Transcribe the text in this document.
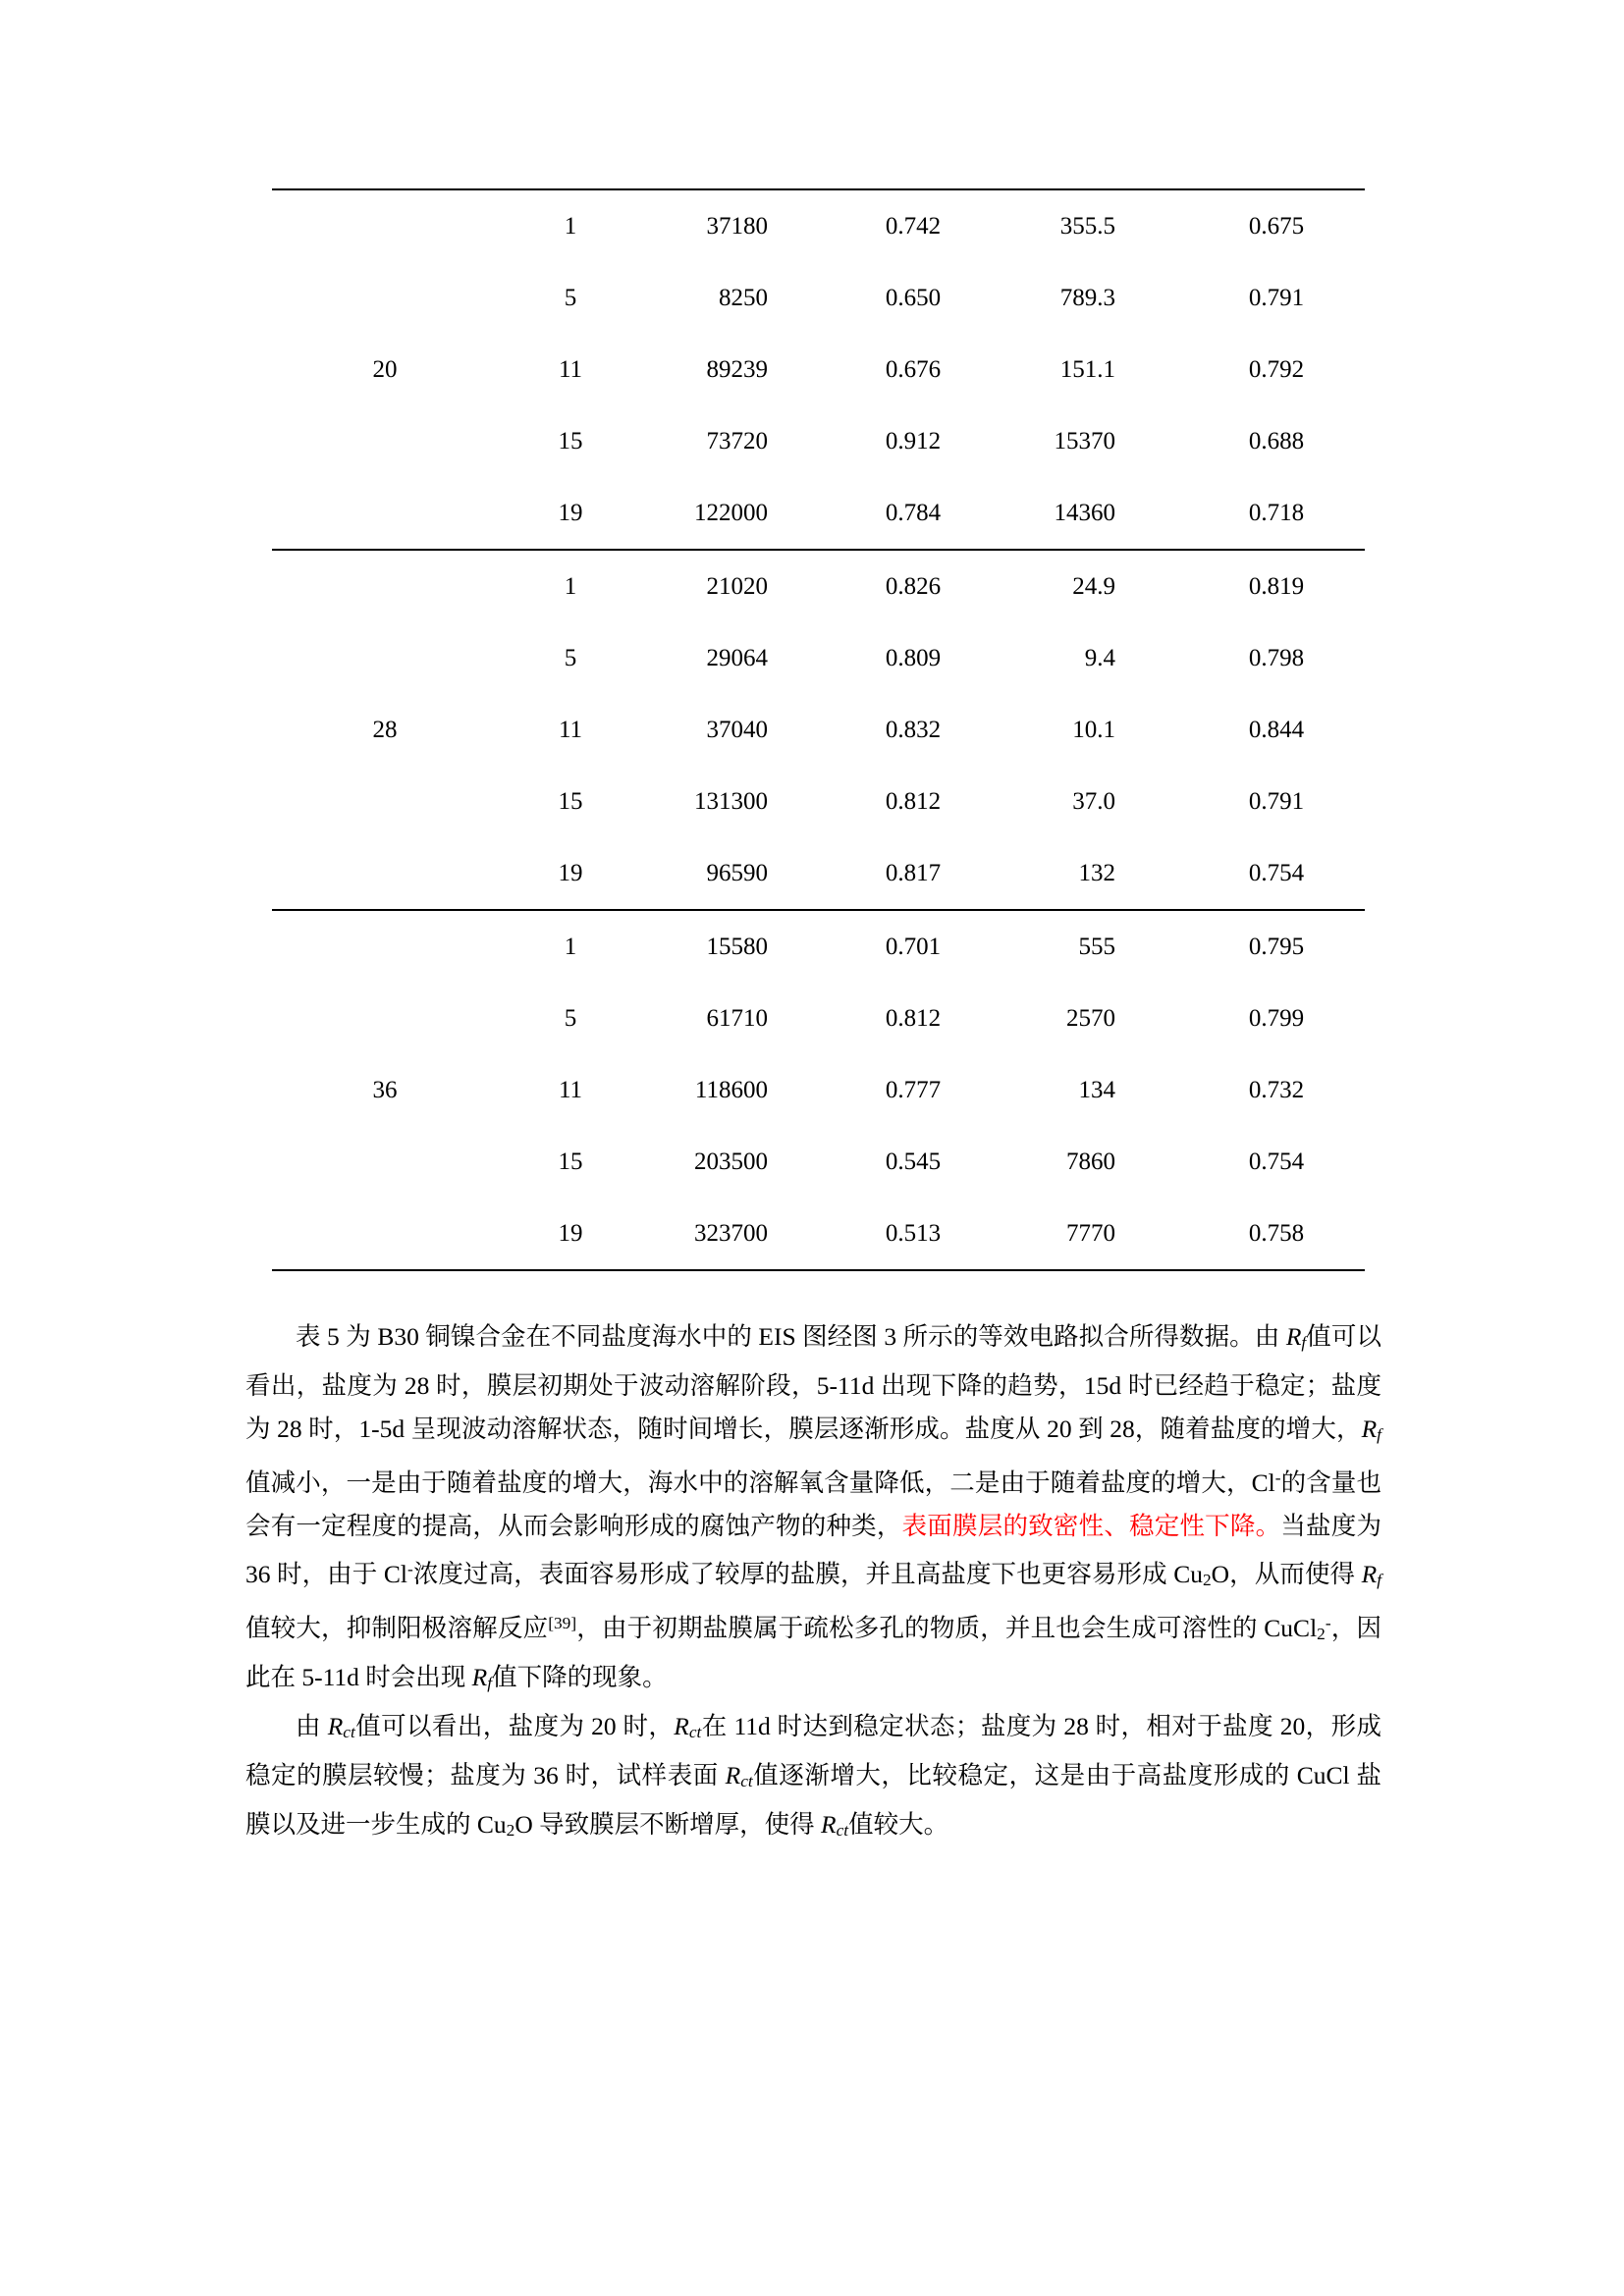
1	37180	0.742	355.5	0.675
5	8250	0.650	789.3	0.791
20	11	89239	0.676	151.1	0.792
15	73720	0.912	15370	0.688
19	122000	0.784	14360	0.718
1	21020	0.826	24.9	0.819
5	29064	0.809	9.4	0.798
28	11	37040	0.832	10.1	0.844
15	131300	0.812	37.0	0.791
19	96590	0.817	132	0.754
1	15580	0.701	555	0.795
5	61710	0.812	2570	0.799
36	11	118600	0.777	134	0.732
15	203500	0.545	7860	0.754
19	323700	0.513	7770	0.758

表 5 为 B30 铜镍合金在不同盐度海水中的 EIS 图经图 3 所示的等效电路拟合所得数据。由 Rf值可以看出，盐度为 28 时，膜层初期处于波动溶解阶段，5-11d 出现下降的趋势，15d 时已经趋于稳定；盐度为 28 时，1-5d 呈现波动溶解状态，随时间增长，膜层逐渐形成。盐度从 20 到 28，随着盐度的增大，Rf值减小，一是由于随着盐度的增大，海水中的溶解氧含量降低，二是由于随着盐度的增大，Cl-的含量也会有一定程度的提高，从而会影响形成的腐蚀产物的种类，表面膜层的致密性、稳定性下降。当盐度为 36 时，由于 Cl-浓度过高，表面容易形成了较厚的盐膜，并且高盐度下也更容易形成 Cu2O，从而使得 Rf值较大，抑制阳极溶解反应[39]，由于初期盐膜属于疏松多孔的物质，并且也会生成可溶性的 CuCl2-，因此在 5-11d 时会出现 Rf值下降的现象。

由 Rct值可以看出，盐度为 20 时，Rct在 11d 时达到稳定状态；盐度为 28 时，相对于盐度 20，形成稳定的膜层较慢；盐度为 36 时，试样表面 Rct值逐渐增大，比较稳定，这是由于高盐度形成的 CuCl 盐膜以及进一步生成的 Cu2O 导致膜层不断增厚，使得 Rct值较大。
